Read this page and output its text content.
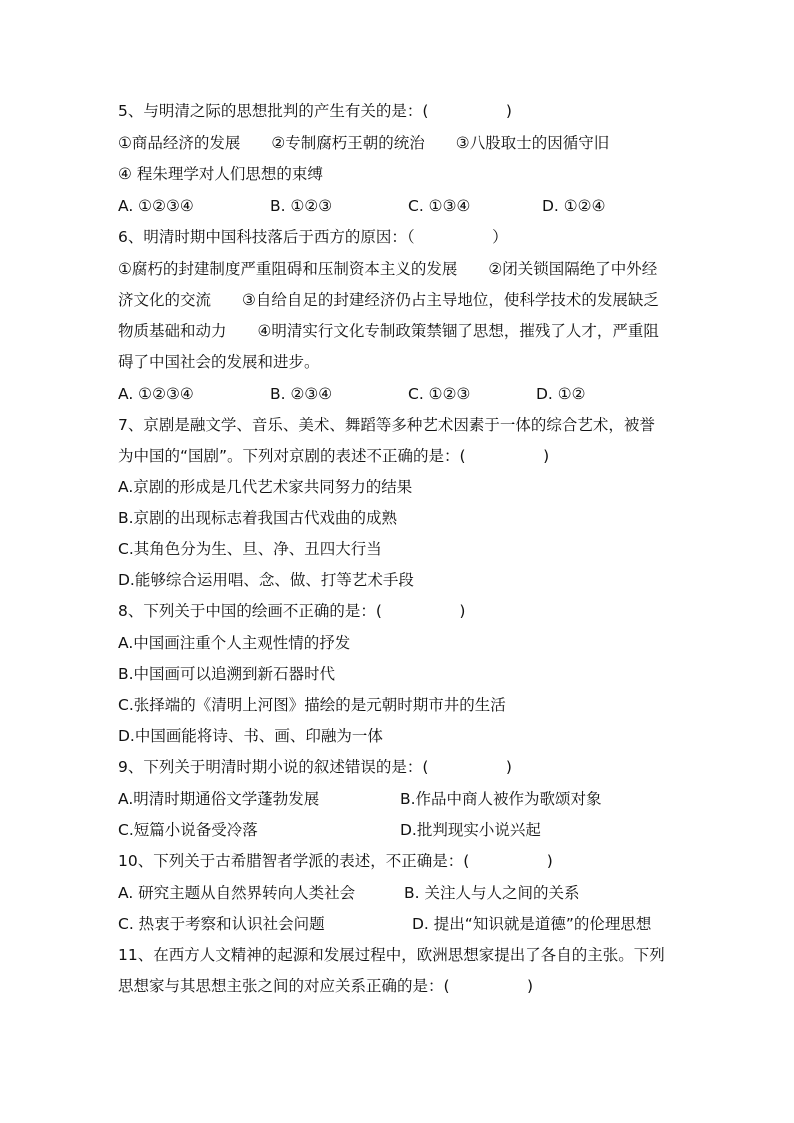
5、与明清之际的思想批判的产生有关的是：(　　　　　)
①商品经济的发展　　②专制腐朽王朝的统治　　③八股取士的因循守旧
④ 程朱理学对人们思想的束缚
A. ①②③④	B. ①②③	C. ①③④	D. ①②④
6、明清时期中国科技落后于西方的原因：（　　　　　）
①腐朽的封建制度严重阻碍和压制资本主义的发展　　②闭关锁国隔绝了中外经
济文化的交流　　③自给自足的封建经济仍占主导地位，使科学技术的发展缺乏
物质基础和动力　　④明清实行文化专制政策禁锢了思想，摧残了人才，严重阻
碍了中国社会的发展和进步。
A. ①②③④	B. ②③④	C. ①②③	D. ①②
7、京剧是融文学、音乐、美术、舞蹈等多种艺术因素于一体的综合艺术，被誉
为中国的“国剧”。下列对京剧的表述不正确的是：(　　　　　)
A.京剧的形成是几代艺术家共同努力的结果
B.京剧的出现标志着我国古代戏曲的成熟
C.其角色分为生、旦、净、丑四大行当
D.能够综合运用唱、念、做、打等艺术手段
8、下列关于中国的绘画不正确的是：(　　　　　)
A.中国画注重个人主观性情的抒发
B.中国画可以追溯到新石器时代
C.张择端的《清明上河图》描绘的是元朝时期市井的生活
D.中国画能将诗、书、画、印融为一体
9、下列关于明清时期小说的叙述错误的是：(　　　　　)
A.明清时期通俗文学蓬勃发展	B.作品中商人被作为歌颂对象
C.短篇小说备受冷落	D.批判现实小说兴起
10、下列关于古希腊智者学派的表述，不正确是：(　　　　　)
A. 研究主题从自然界转向人类社会	B. 关注人与人之间的关系
C. 热衷于考察和认识社会问题	D. 提出“知识就是道德”的伦理思想
11、在西方人文精神的起源和发展过程中，欧洲思想家提出了各自的主张。下列
思想家与其思想主张之间的对应关系正确的是：(　　　　　)
